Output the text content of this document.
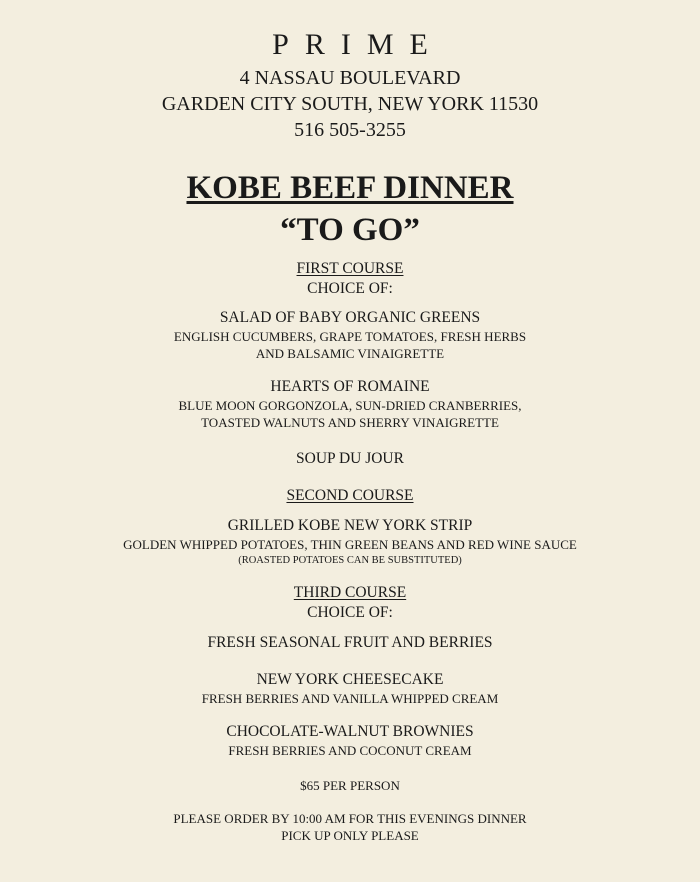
PRIME
4 NASSAU BOULEVARD
GARDEN CITY SOUTH, NEW YORK 11530
516 505-3255
KOBE BEEF DINNER
“TO GO”
FIRST COURSE
CHOICE OF:
SALAD OF BABY ORGANIC GREENS
ENGLISH CUCUMBERS, GRAPE TOMATOES, FRESH HERBS
AND BALSAMIC VINAIGRETTE
HEARTS OF ROMAINE
BLUE MOON GORGONZOLA, SUN-DRIED CRANBERRIES,
TOASTED WALNUTS AND SHERRY VINAIGRETTE
SOUP DU JOUR
SECOND COURSE
GRILLED KOBE NEW YORK STRIP
GOLDEN WHIPPED POTATOES, THIN GREEN BEANS AND RED WINE SAUCE
(ROASTED POTATOES CAN BE SUBSTITUTED)
THIRD COURSE
CHOICE OF:
FRESH SEASONAL FRUIT AND BERRIES
NEW YORK CHEESECAKE
FRESH BERRIES AND VANILLA WHIPPED CREAM
CHOCOLATE-WALNUT BROWNIES
FRESH BERRIES AND COCONUT CREAM
$65 PER PERSON
PLEASE ORDER BY 10:00 AM FOR THIS EVENINGS DINNER
PICK UP ONLY PLEASE
